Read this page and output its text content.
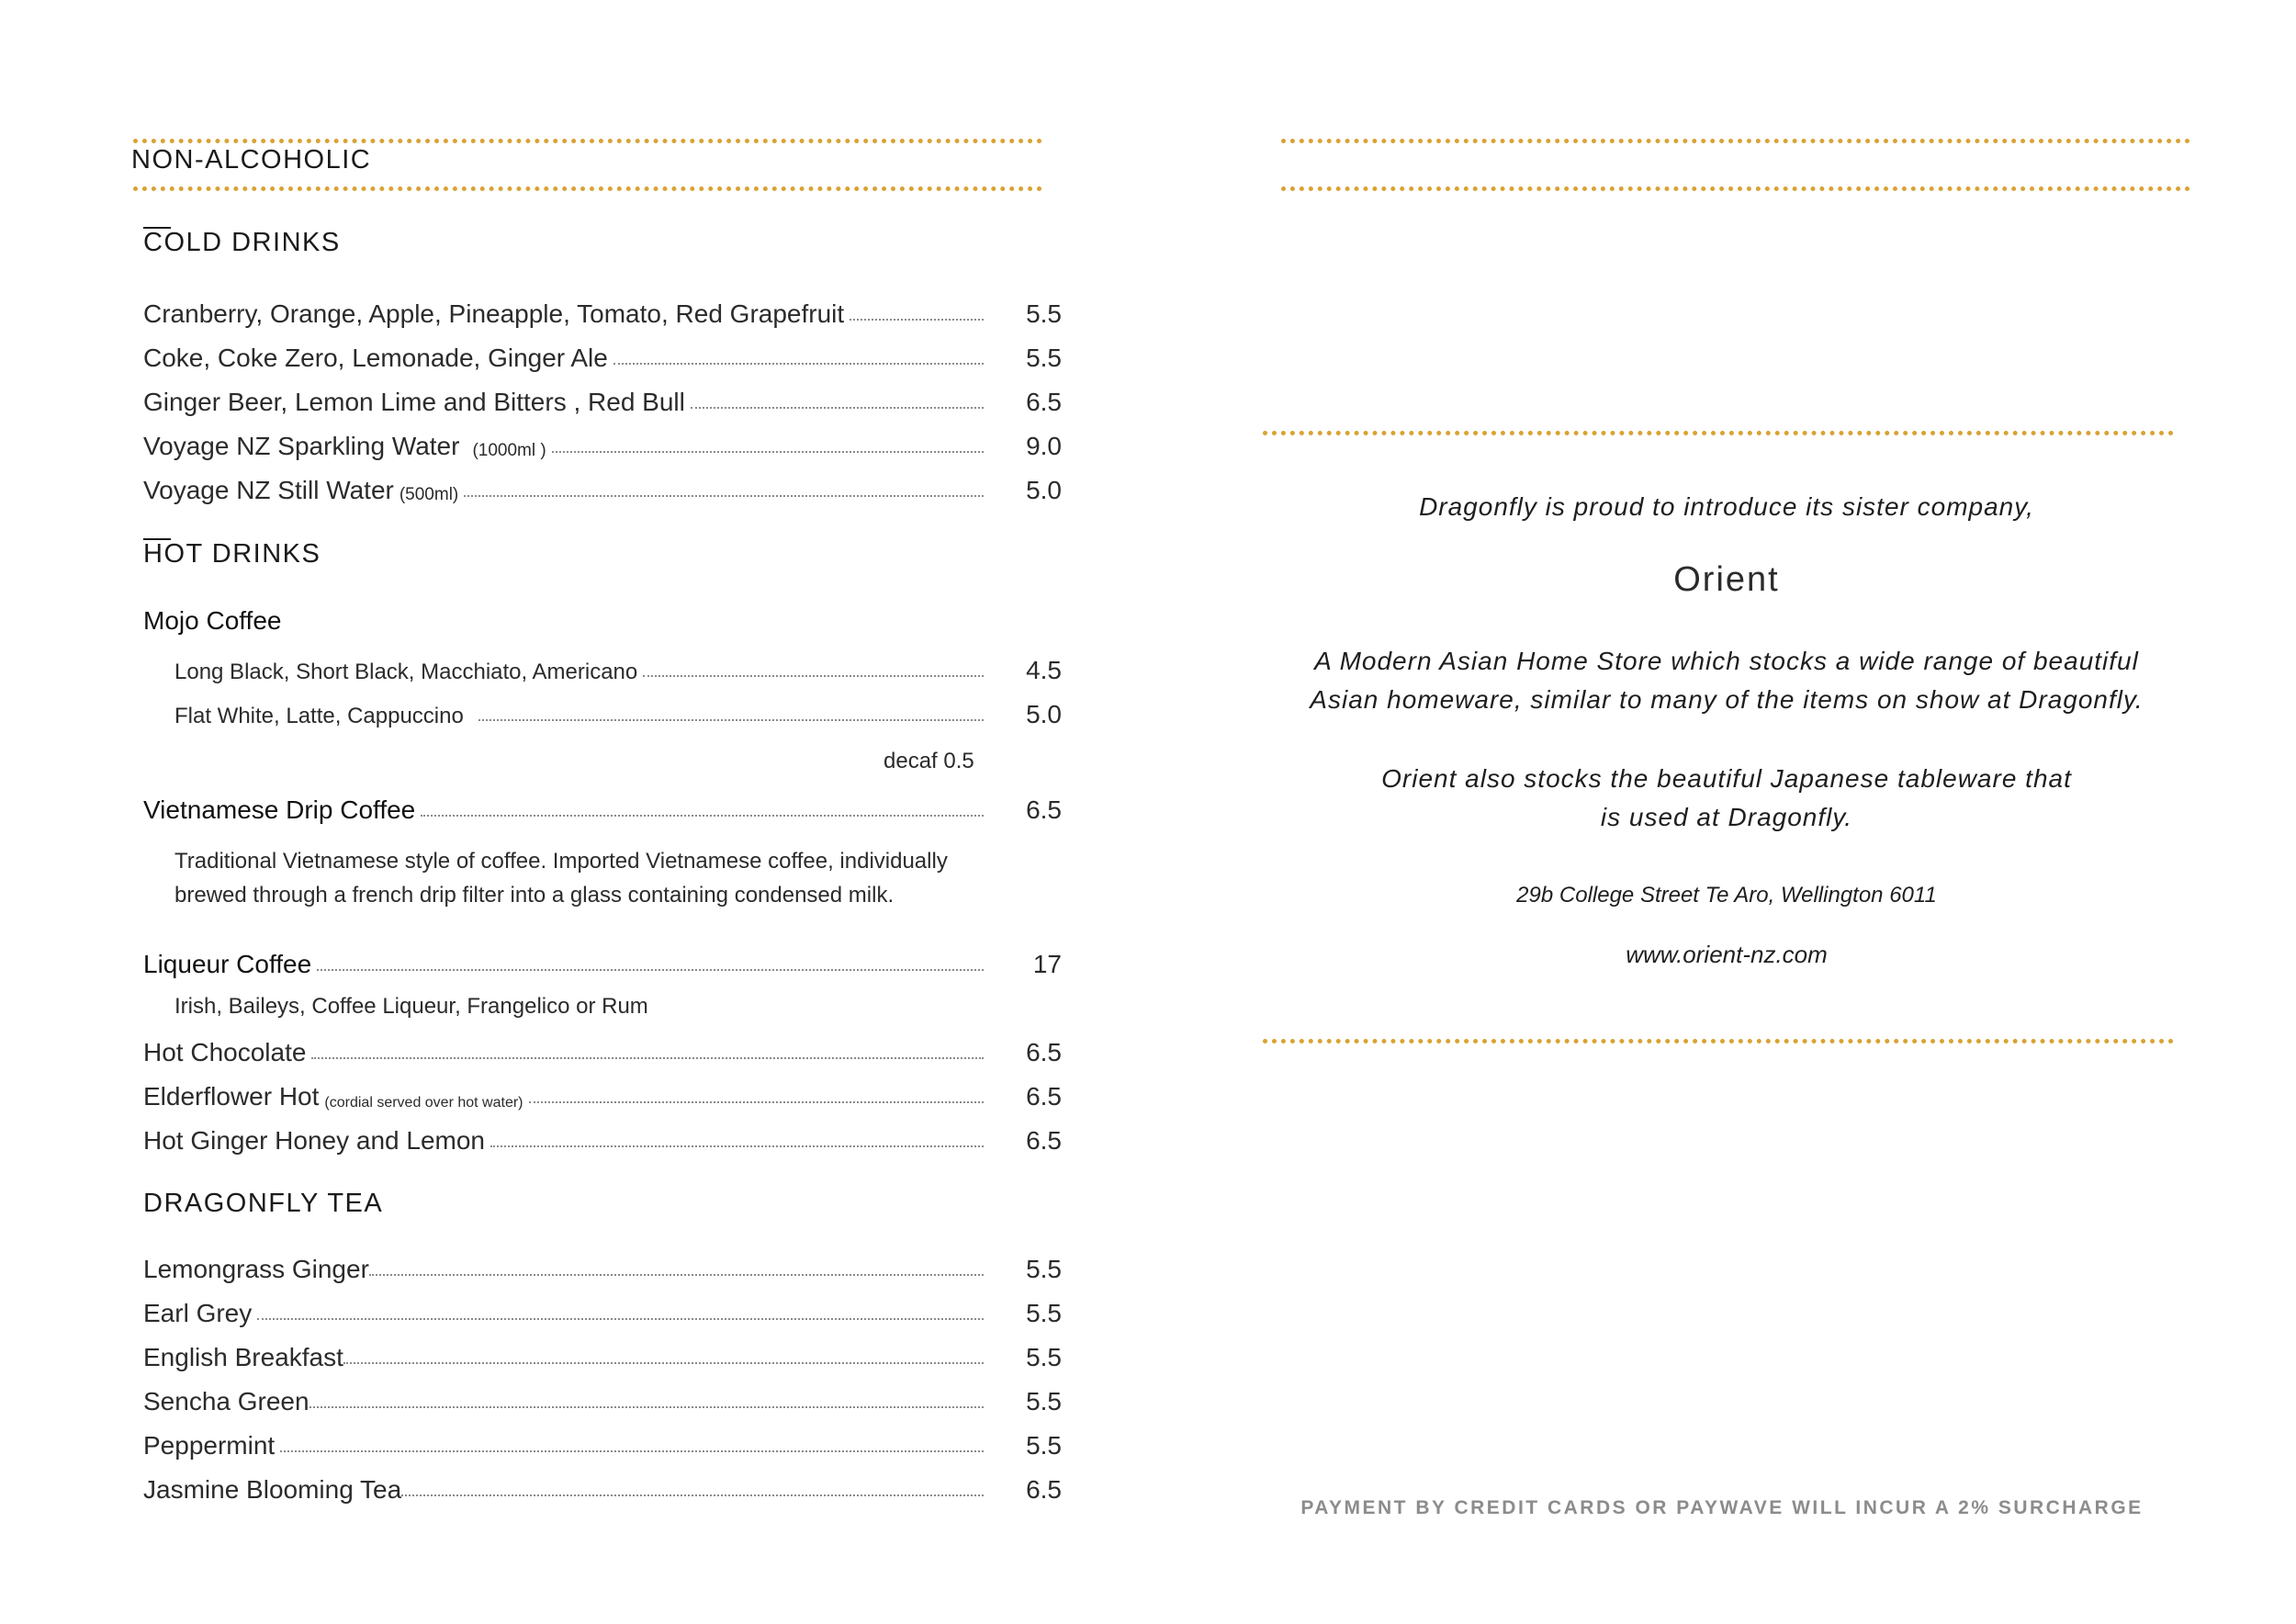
NON-ALCOHOLIC
COLD DRINKS
Cranberry, Orange, Apple, Pineapple, Tomato, Red Grapefruit	5.5
Coke, Coke Zero, Lemonade, Ginger Ale	5.5
Ginger Beer, Lemon Lime and Bitters , Red Bull	6.5
Voyage NZ Sparkling Water (1000ml )	9.0
Voyage NZ Still Water (500ml)	5.0
HOT DRINKS
Mojo Coffee
Long Black, Short Black, Macchiato, Americano	4.5
Flat White, Latte, Cappuccino	5.0
decaf 0.5
Vietnamese Drip Coffee	6.5
Traditional Vietnamese style of coffee. Imported Vietnamese coffee, individually
brewed through a french drip filter into a glass containing condensed milk.
Liqueur Coffee	17
Irish, Baileys, Coffee Liqueur, Frangelico or Rum
Hot Chocolate	6.5
Elderflower Hot (cordial served over hot water)	6.5
Hot Ginger Honey and Lemon	6.5
DRAGONFLY TEA
Lemongrass Ginger	5.5
Earl Grey	5.5
English Breakfast	5.5
Sencha Green	5.5
Peppermint	5.5
Jasmine Blooming Tea	6.5
Dragonfly is proud to introduce its sister company,
Orient
A Modern Asian Home Store which stocks a wide range of beautiful
Asian homeware, similar to many of the items on show at Dragonfly.
Orient also stocks the beautiful Japanese tableware that
is used at Dragonfly.
29b College Street Te Aro, Wellington 6011
www.orient-nz.com
PAYMENT BY CREDIT CARDS OR PAYWAVE WILL INCUR A 2% SURCHARGE
